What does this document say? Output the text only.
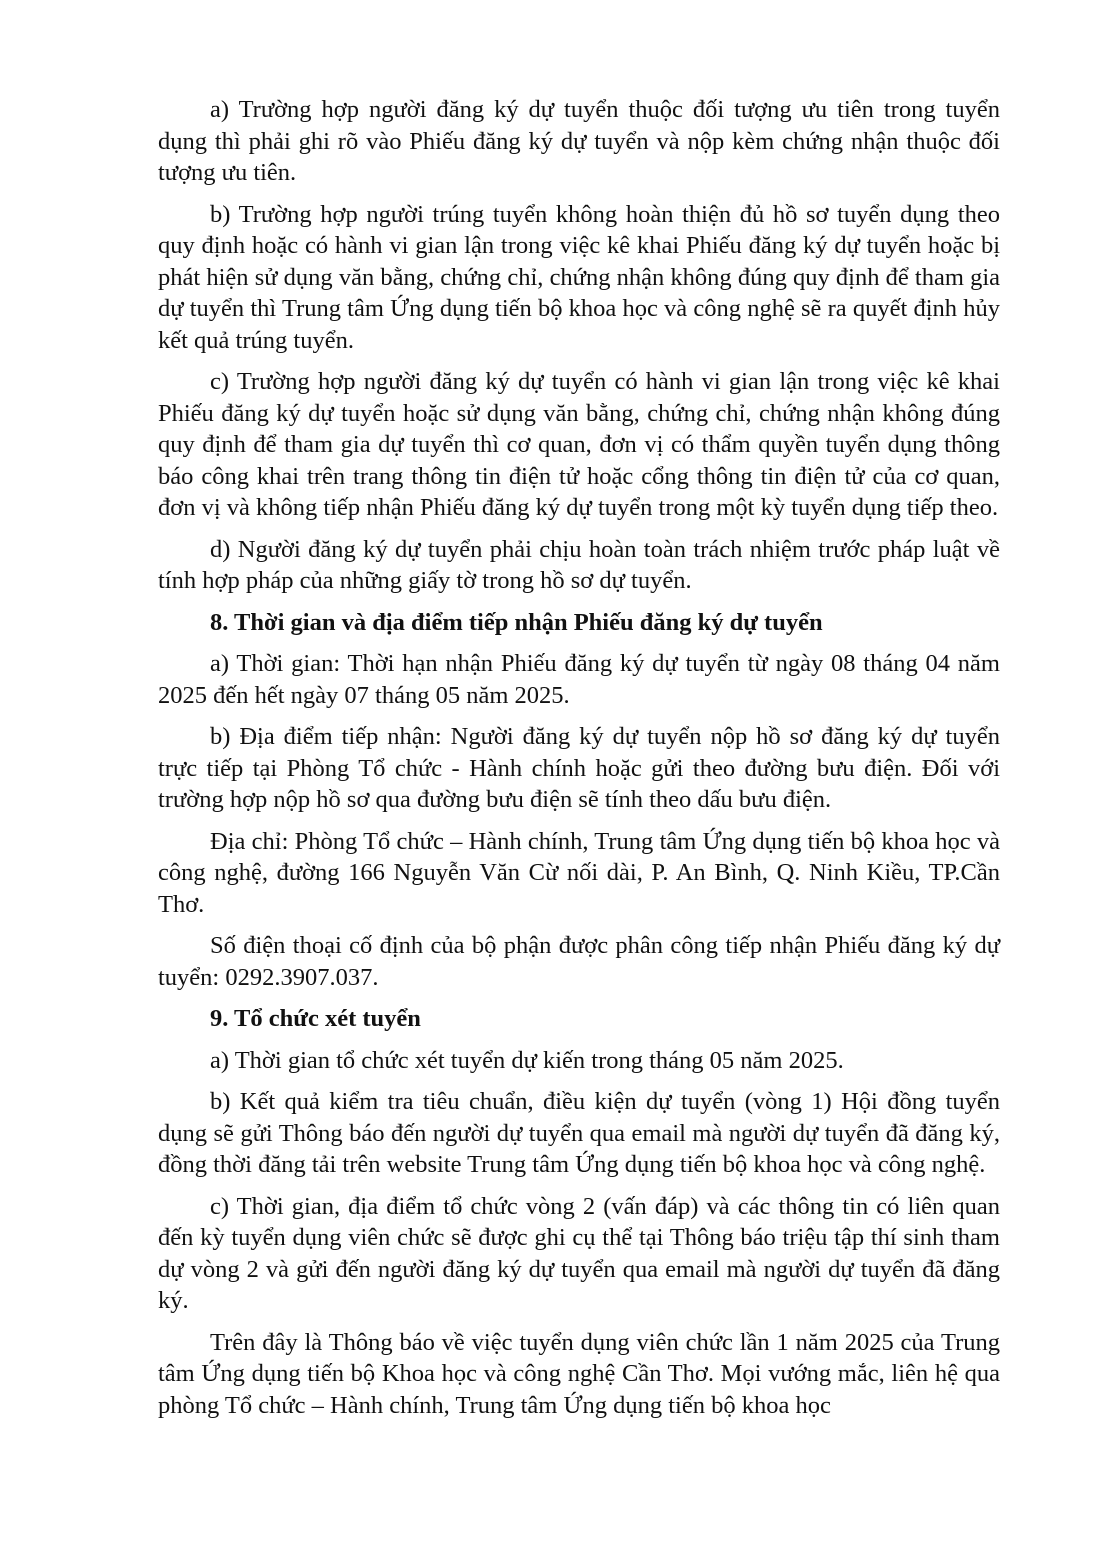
a) Trường hợp người đăng ký dự tuyển thuộc đối tượng ưu tiên trong tuyển dụng thì phải ghi rõ vào Phiếu đăng ký dự tuyển và nộp kèm chứng nhận thuộc đối tượng ưu tiên.

b) Trường hợp người trúng tuyển không hoàn thiện đủ hồ sơ tuyển dụng theo quy định hoặc có hành vi gian lận trong việc kê khai Phiếu đăng ký dự tuyển hoặc bị phát hiện sử dụng văn bằng, chứng chỉ, chứng nhận không đúng quy định để tham gia dự tuyển thì Trung tâm Ứng dụng tiến bộ khoa học và công nghệ sẽ ra quyết định hủy kết quả trúng tuyển.

c) Trường hợp người đăng ký dự tuyển có hành vi gian lận trong việc kê khai Phiếu đăng ký dự tuyển hoặc sử dụng văn bằng, chứng chỉ, chứng nhận không đúng quy định để tham gia dự tuyển thì cơ quan, đơn vị có thẩm quyền tuyển dụng thông báo công khai trên trang thông tin điện tử hoặc cổng thông tin điện tử của cơ quan, đơn vị và không tiếp nhận Phiếu đăng ký dự tuyển trong một kỳ tuyển dụng tiếp theo.

d) Người đăng ký dự tuyển phải chịu hoàn toàn trách nhiệm trước pháp luật về tính hợp pháp của những giấy tờ trong hồ sơ dự tuyển.

8. Thời gian và địa điểm tiếp nhận Phiếu đăng ký dự tuyển

a) Thời gian: Thời hạn nhận Phiếu đăng ký dự tuyển từ ngày 08 tháng 04 năm 2025 đến hết ngày 07 tháng 05 năm 2025.

b) Địa điểm tiếp nhận: Người đăng ký dự tuyển nộp hồ sơ đăng ký dự tuyển trực tiếp tại Phòng Tổ chức - Hành chính hoặc gửi theo đường bưu điện. Đối với trường hợp nộp hồ sơ qua đường bưu điện sẽ tính theo dấu bưu điện.

Địa chỉ: Phòng Tổ chức – Hành chính, Trung tâm Ứng dụng tiến bộ khoa học và công nghệ, đường 166 Nguyễn Văn Cừ nối dài, P. An Bình, Q. Ninh Kiều, TP.Cần Thơ.

Số điện thoại cố định của bộ phận được phân công tiếp nhận Phiếu đăng ký dự tuyển: 0292.3907.037.

9. Tổ chức xét tuyển

a) Thời gian tổ chức xét tuyển dự kiến trong tháng 05 năm 2025.

b) Kết quả kiểm tra tiêu chuẩn, điều kiện dự tuyển (vòng 1) Hội đồng tuyển dụng sẽ gửi Thông báo đến người dự tuyển qua email mà người dự tuyển đã đăng ký, đồng thời đăng tải trên website Trung tâm Ứng dụng tiến bộ khoa học và công nghệ.

c) Thời gian, địa điểm tổ chức vòng 2 (vấn đáp) và các thông tin có liên quan đến kỳ tuyển dụng viên chức sẽ được ghi cụ thể tại Thông báo triệu tập thí sinh tham dự vòng 2 và gửi đến người đăng ký dự tuyển qua email mà người dự tuyển đã đăng ký.

Trên đây là Thông báo về việc tuyển dụng viên chức lần 1 năm 2025 của Trung tâm Ứng dụng tiến bộ Khoa học và công nghệ Cần Thơ. Mọi vướng mắc, liên hệ qua phòng Tổ chức – Hành chính, Trung tâm Ứng dụng tiến bộ khoa học
